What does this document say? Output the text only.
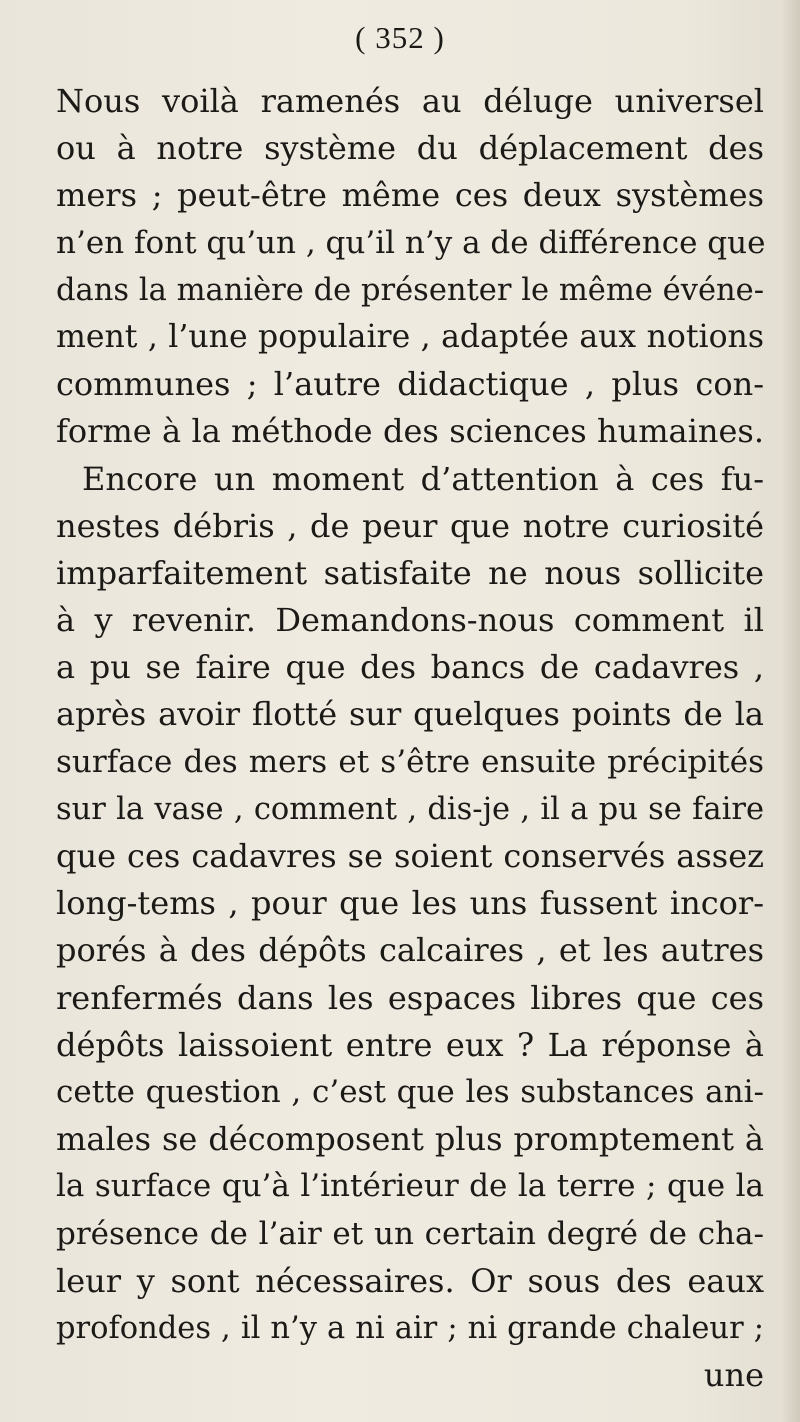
( 352 )
Nous voilà ramenés au déluge universel
ou à notre système du déplacement des
mers ; peut-être même ces deux systèmes
n’en font qu’un , qu’il n’y a de différence que
dans la manière de présenter le même événe-
ment , l’une populaire , adaptée aux notions
communes ; l’autre didactique , plus con-
forme à la méthode des sciences humaines.
Encore un moment d’attention à ces fu-
nestes débris , de peur que notre curiosité
imparfaitement satisfaite ne nous sollicite
à y revenir. Demandons-nous comment il
a pu se faire que des bancs de cadavres ,
après avoir flotté sur quelques points de la
surface des mers et s’être ensuite précipités
sur la vase , comment , dis-je , il a pu se faire
que ces cadavres se soient conservés assez
long-tems , pour que les uns fussent incor-
porés à des dépôts calcaires , et les autres
renfermés dans les espaces libres que ces
dépôts laissoient entre eux ? La réponse à
cette question , c’est que les substances ani-
males se décomposent plus promptement à
la surface qu’à l’intérieur de la terre ; que la
présence de l’air et un certain degré de cha-
leur y sont nécessaires. Or sous des eaux
profondes , il n’y a ni air ; ni grande chaleur ;
une
